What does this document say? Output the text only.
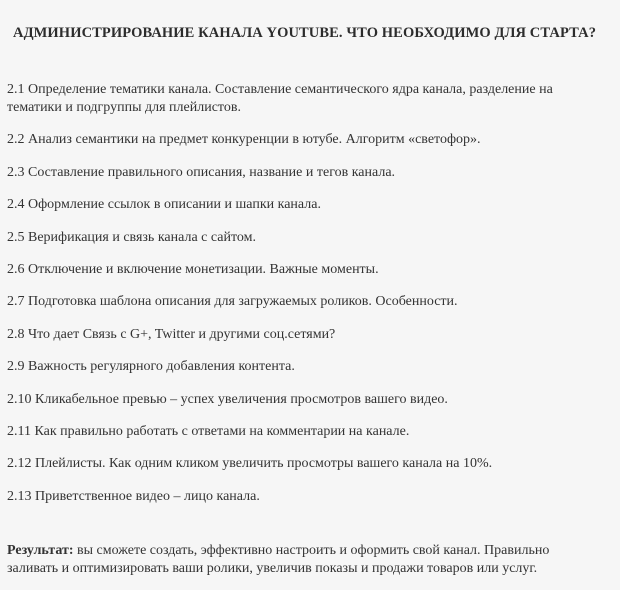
АДМИНИСТРИРОВАНИЕ КАНАЛА YOUTUBE. ЧТО НЕОБХОДИМО ДЛЯ СТАРТА?
2.1 Определение тематики канала. Составление семантического ядра канала, разделение на тематики и подгруппы для плейлистов.
2.2 Анализ семантики на предмет конкуренции в ютубе. Алгоритм «светофор».
2.3 Составление правильного описания, название и тегов канала.
2.4 Оформление ссылок в описании и шапки канала.
2.5 Верификация и связь канала с сайтом.
2.6 Отключение и включение монетизации. Важные моменты.
2.7 Подготовка шаблона описания для загружаемых роликов. Особенности.
2.8 Что дает Связь с G+, Twitter и другими соц.сетями?
2.9 Важность регулярного добавления контента.
2.10 Кликабельное превью – успех увеличения просмотров вашего видео.
2.11 Как правильно работать с ответами на комментарии на канале.
2.12 Плейлисты. Как одним кликом увеличить просмотры вашего канала на 10%.
2.13 Приветственное видео – лицо канала.

Результат: вы сможете создать, эффективно настроить и оформить свой канал. Правильно заливать и оптимизировать ваши ролики, увеличив показы и продажи товаров или услуг.
